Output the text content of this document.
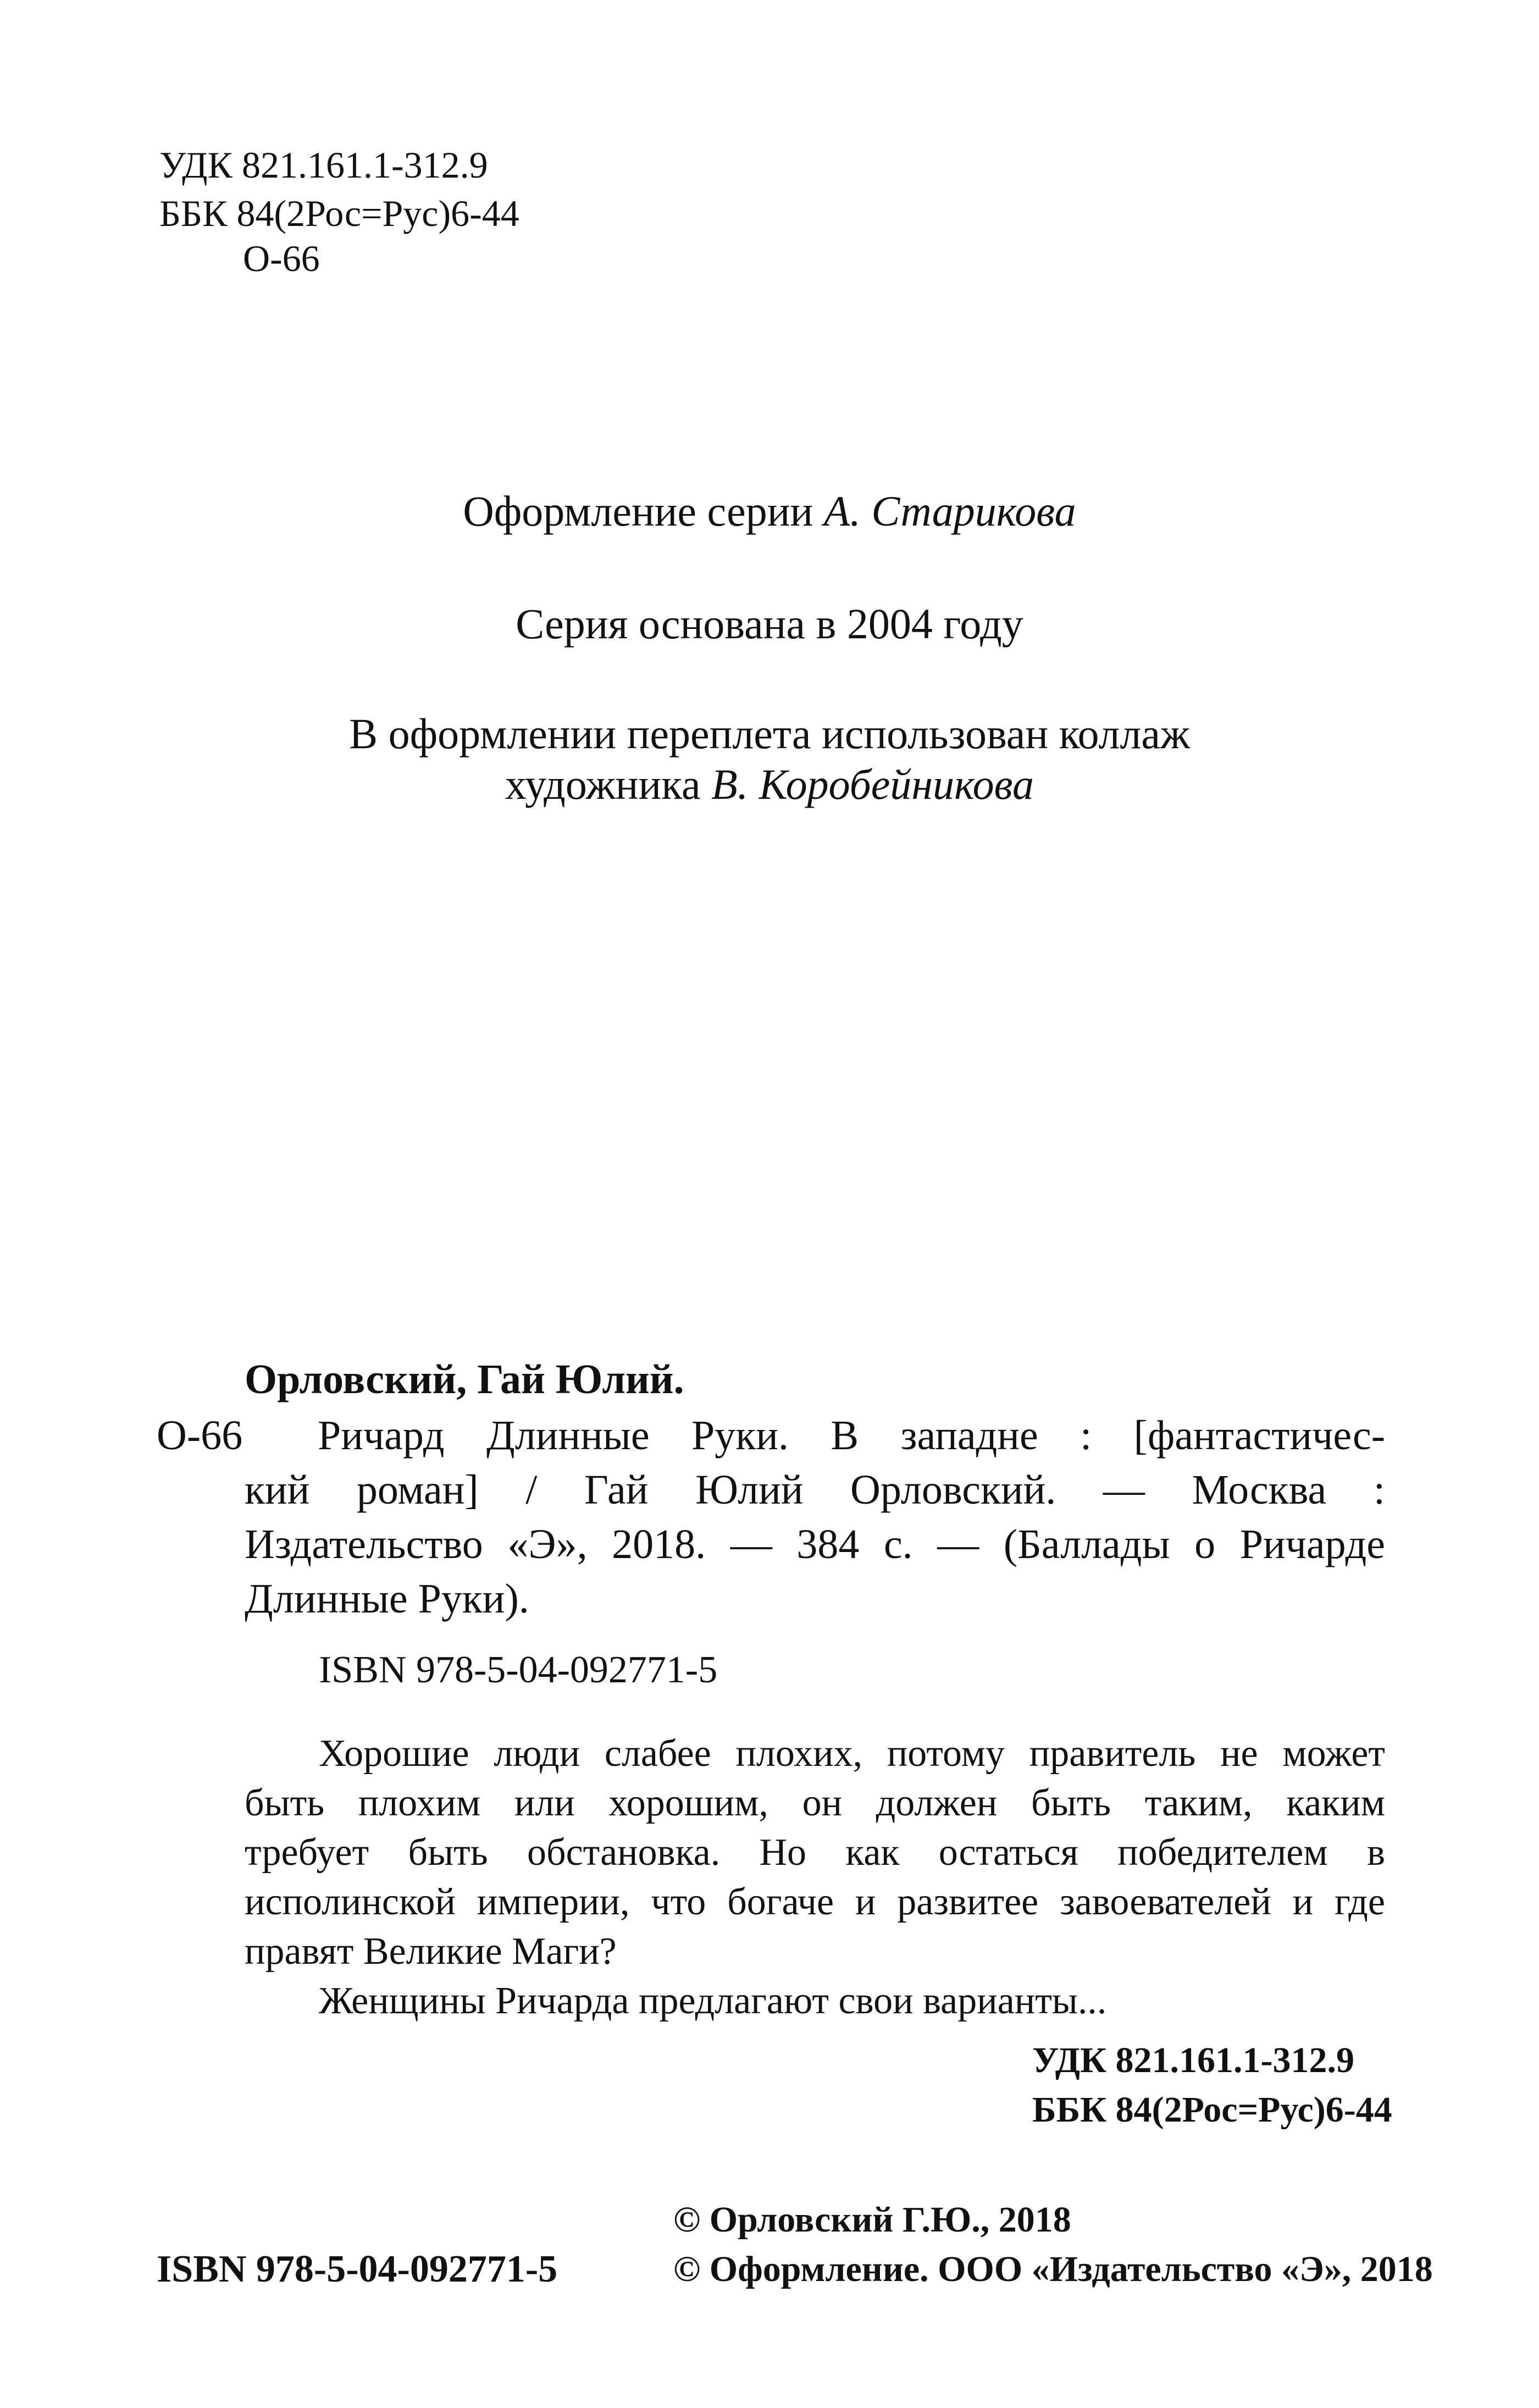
УДК 821.161.1-312.9
ББК 84(2Рос=Рус)6-44
О-66
Оформление серии А. Старикова
Серия основана в 2004 году
В оформлении переплета использован коллаж
художника В. Коробейникова
Орловский, Гай Юлий.
О-66 Ричард Длинные Руки. В западне : [фантастичес-
кий роман] / Гай Юлий Орловский. — Москва :
Издательство «Э», 2018. — 384 с. — (Баллады о Ричарде
Длинные Руки).
ISBN 978-5-04-092771-5
Хорошие люди слабее плохих, потому правитель не может
быть плохим или хорошим, он должен быть таким, каким
требует быть обстановка. Но как остаться победителем в
исполинской империи, что богаче и развитее завоевателей и где
правят Великие Маги?
Женщины Ричарда предлагают свои варианты...
УДК 821.161.1-312.9
ББК 84(2Рос=Рус)6-44
© Орловский Г.Ю., 2018
ISBN 978-5-04-092771-5	© Оформление. ООО «Издательство «Э», 2018
